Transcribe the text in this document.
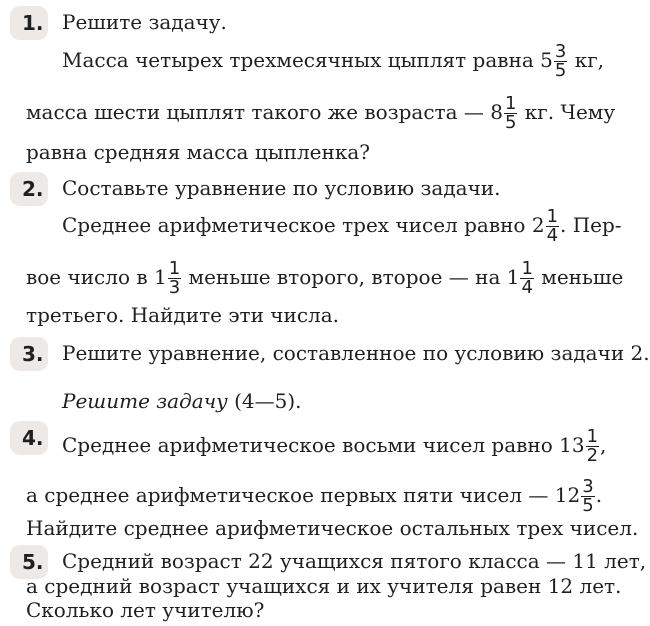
1. Решите задачу.
Масса четырех трехмесячных цыплят равна $5 \frac{3}{5}$ кг,
масса шести цыплят такого же возраста — $8 \frac{1}{5}$ кг. Чему
равна средняя масса цыпленка?
2. Составьте уравнение по условию задачи.
Среднее арифметическое трех чисел равно $2 \frac{1}{4}$ . Пер-
вое число в $1 \frac{1}{3}$ меньше второго, второе — на $1 \frac{1}{4}$ меньше
третьего. Найдите эти числа.
3. Решите уравнение, составленное по условию задачи 2.
Решите задачу (4—5).
4. Среднее арифметическое восьми чисел равно $13 \frac{1}{2}$ ,
а среднее арифметическое первых пяти чисел — $12 \frac{3}{5}$ .
Найдите среднее арифметическое остальных трех чисел.
5. Средний возраст 22 учащихся пятого класса — 11 лет,
а средний возраст учащихся и их учителя равен 12 лет.
Сколько лет учителю?
